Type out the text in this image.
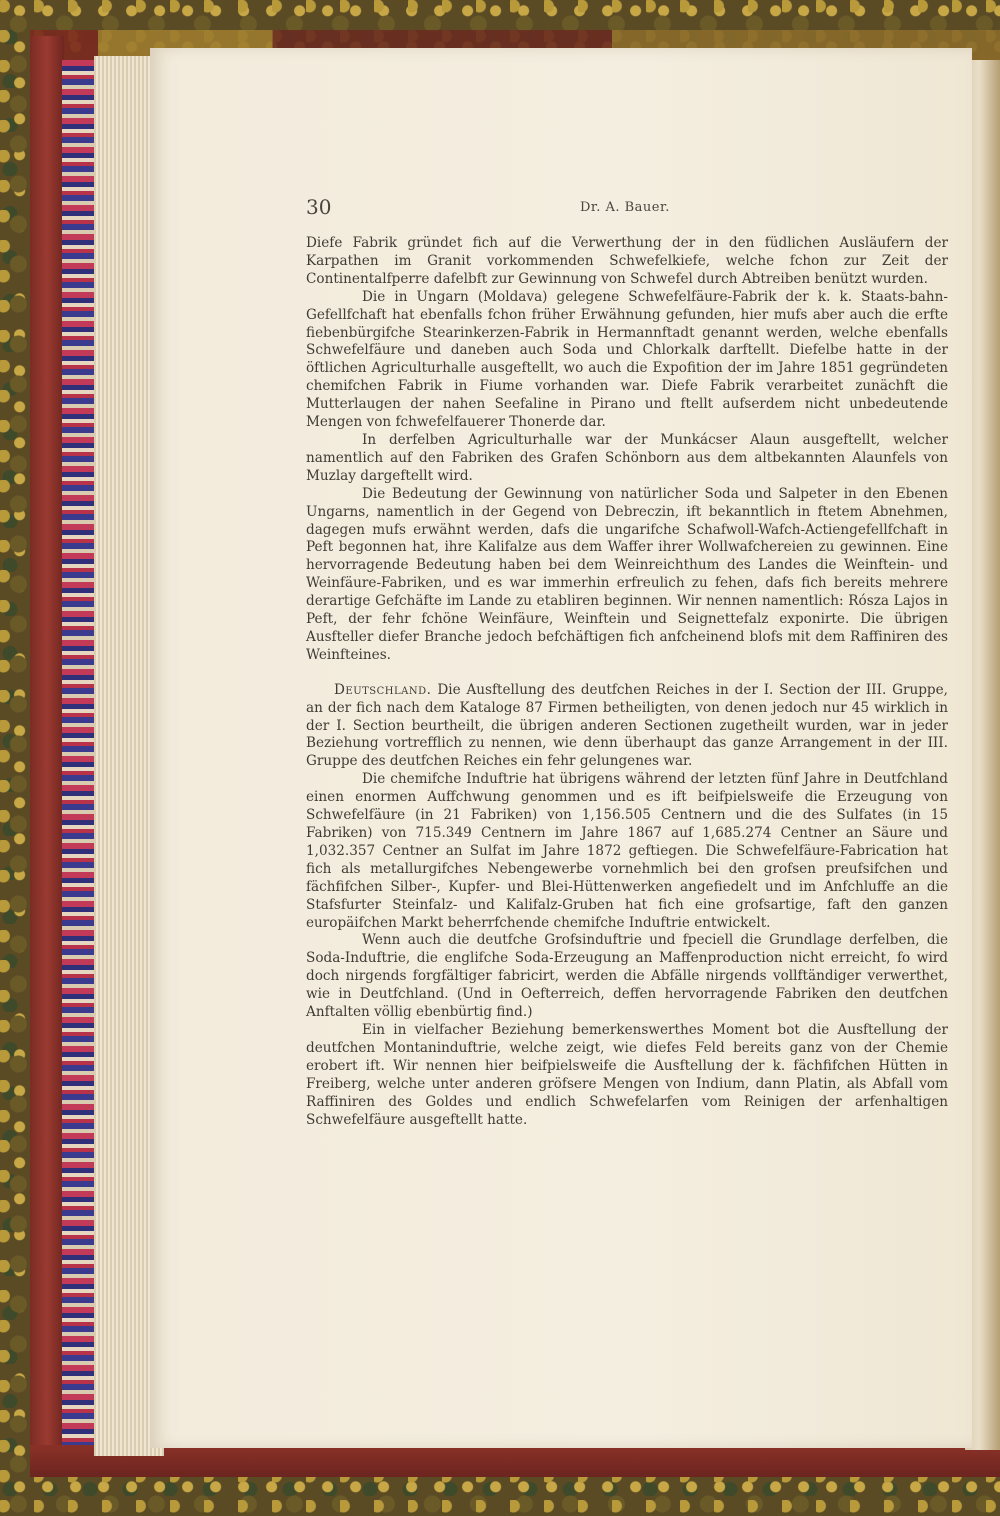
30	Dr. A. Bauer.

Diefe Fabrik gründet fich auf die Verwerthung der in den füdlichen Ausläufern der Karpathen im Granit vorkommenden Schwefelkiefe, welche fchon zur Zeit der Continentalfperre dafelbft zur Gewinnung von Schwefel durch Abtreiben benützt wurden.

Die in Ungarn (Moldava) gelegene Schwefelfäure-Fabrik der k. k. Staats-bahn-Gefellfchaft hat ebenfalls fchon früher Erwähnung gefunden, hier mufs aber auch die erfte fiebenbürgifche Stearinkerzen-Fabrik in Hermannftadt genannt werden, welche ebenfalls Schwefelfäure und daneben auch Soda und Chlorkalk darftellt. Diefelbe hatte in der öftlichen Agriculturhalle ausgeftellt, wo auch die Expofition der im Jahre 1851 gegründeten chemifchen Fabrik in Fiume vorhanden war. Diefe Fabrik verarbeitet zunächft die Mutterlaugen der nahen Seefaline in Pirano und ftellt aufserdem nicht unbedeutende Mengen von fchwefelfauerer Thonerde dar.

In derfelben Agriculturhalle war der Munkácser Alaun ausgeftellt, welcher namentlich auf den Fabriken des Grafen Schönborn aus dem altbekannten Alaunfels von Muzlay dargeftellt wird.

Die Bedeutung der Gewinnung von natürlicher Soda und Salpeter in den Ebenen Ungarns, namentlich in der Gegend von Debreczin, ift bekanntlich in ftetem Abnehmen, dagegen mufs erwähnt werden, dafs die ungarifche Schafwoll-Wafch-Actiengefellfchaft in Peft begonnen hat, ihre Kalifalze aus dem Waffer ihrer Wollwafchereien zu gewinnen. Eine hervorragende Bedeutung haben bei dem Weinreichthum des Landes die Weinftein- und Weinfäure-Fabriken, und es war immerhin erfreulich zu fehen, dafs fich bereits mehrere derartige Gefchäfte im Lande zu etabliren beginnen. Wir nennen namentlich: Rósza Lajos in Peft, der fehr fchöne Weinfäure, Weinftein und Seignettefalz exponirte. Die übrigen Ausfteller diefer Branche jedoch befchäftigen fich anfcheinend blofs mit dem Raffiniren des Weinfteines.

Deutschland. Die Ausftellung des deutfchen Reiches in der I. Section der III. Gruppe, an der fich nach dem Kataloge 87 Firmen betheiligten, von denen jedoch nur 45 wirklich in der I. Section beurtheilt, die übrigen anderen Sectionen zugetheilt wurden, war in jeder Beziehung vortrefflich zu nennen, wie denn überhaupt das ganze Arrangement in der III. Gruppe des deutfchen Reiches ein fehr gelungenes war.

Die chemifche Induftrie hat übrigens während der letzten fünf Jahre in Deutfchland einen enormen Auffchwung genommen und es ift beifpielsweife die Erzeugung von Schwefelfäure (in 21 Fabriken) von 1,156.505 Centnern und die des Sulfates (in 15 Fabriken) von 715.349 Centnern im Jahre 1867 auf 1,685.274 Centner an Säure und 1,032.357 Centner an Sulfat im Jahre 1872 geftiegen. Die Schwefelfäure-Fabrication hat fich als metallurgifches Nebengewerbe vornehmlich bei den grofsen preufsifchen und fächfifchen Silber-, Kupfer- und Blei-Hüttenwerken angefiedelt und im Anfchluffe an die Stafsfurter Steinfalz- und Kalifalz-Gruben hat fich eine grofsartige, faft den ganzen europäifchen Markt beherrfchende chemifche Induftrie entwickelt.

Wenn auch die deutfche Grofsinduftrie und fpeciell die Grundlage derfelben, die Soda-Induftrie, die englifche Soda-Erzeugung an Maffenproduction nicht erreicht, fo wird doch nirgends forgfältiger fabricirt, werden die Abfälle nirgends vollftändiger verwerthet, wie in Deutfchland. (Und in Oefterreich, deffen hervorragende Fabriken den deutfchen Anftalten völlig ebenbürtig find.)

Ein in vielfacher Beziehung bemerkenswerthes Moment bot die Ausftellung der deutfchen Montaninduftrie, welche zeigt, wie diefes Feld bereits ganz von der Chemie erobert ift. Wir nennen hier beifpielsweife die Ausftellung der k. fächfifchen Hütten in Freiberg, welche unter anderen gröfsere Mengen von Indium, dann Platin, als Abfall vom Raffiniren des Goldes und endlich Schwefelarfen vom Reinigen der arfenhaltigen Schwefelfäure ausgeftellt hatte.
